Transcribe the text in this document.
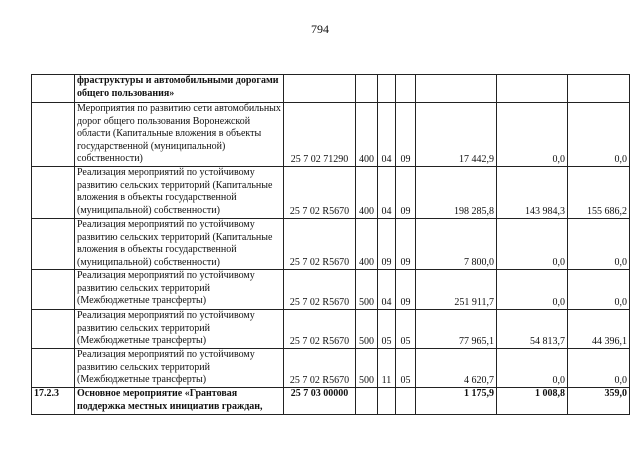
794
	фраструктуры и автомобильными дорогами общего пользования»							
	Мероприятия по развитию сети автомобильных дорог общего пользования Воронежской области (Капитальные вложения в объекты государственной (муниципальной) собственности)	25 7 02 71290	400	04	09	17 442,9	0,0	0,0
	Реализация мероприятий по устойчивому развитию сельских территорий (Капитальные вложения в объекты государственной (муниципальной) собственности)	25 7 02 R5670	400	04	09	198 285,8	143 984,3	155 686,2
	Реализация мероприятий по устойчивому развитию сельских территорий (Капитальные вложения в объекты государственной (муниципальной) собственности)	25 7 02 R5670	400	09	09	7 800,0	0,0	0,0
	Реализация мероприятий по устойчивому развитию сельских территорий (Межбюджетные трансферты)	25 7 02 R5670	500	04	09	251 911,7	0,0	0,0
	Реализация мероприятий по устойчивому развитию сельских территорий (Межбюджетные трансферты)	25 7 02 R5670	500	05	05	77 965,1	54 813,7	44 396,1
	Реализация мероприятий по устойчивому развитию сельских территорий (Межбюджетные трансферты)	25 7 02 R5670	500	11	05	4 620,7	0,0	0,0
17.2.3	Основное мероприятие «Грантовая поддержка местных инициатив граждан,	25 7 03 00000				1 175,9	1 008,8	359,0
